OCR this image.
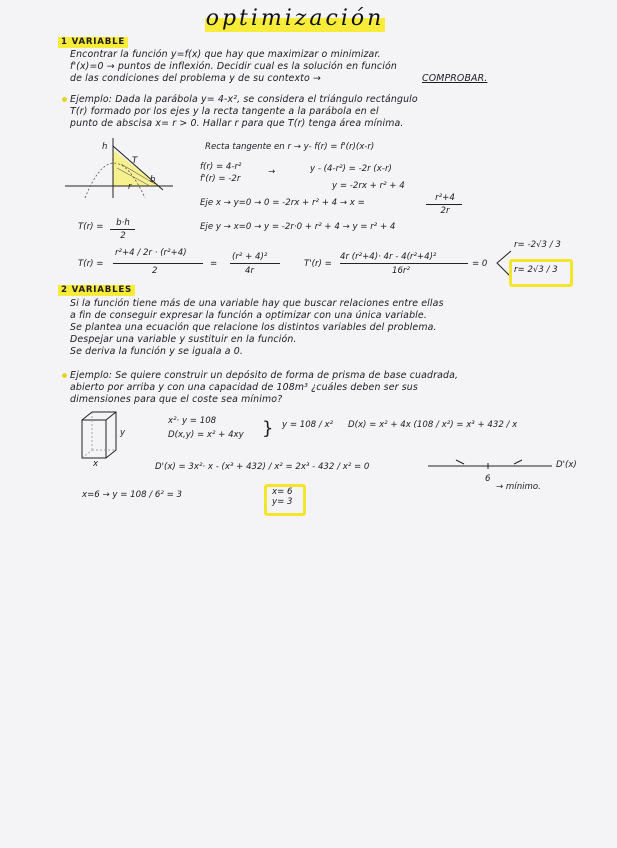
optimización
1 VARIABLE
Encontrar la función y=f(x) que hay que maximizar o minimizar.
f'(x)=0 → puntos de inflexión. Decidir cual es la solución en función
de las condiciones del problema y de su contexto →	COMPROBAR.
Ejemplo: Dada la parábola y= 4-x², se considera el triángulo rectángulo
T(r) formado por los ejes y la recta tangente a la parábola en el
punto de abscisa x= r > 0. Hallar r para que T(r) tenga área mínima.
h
T
b
r
Recta tangente en r → y- f(r) = f'(r)(x-r)
f(r) = 4-r²
f'(r) = -2r
→	y - (4-r²) = -2r (x-r)
y = -2rx + r² + 4
Eje x → y=0 → 0 = -2rx + r² + 4 → x =	r²+4
2r
T(r) =	b·h
2
Eje y → x=0 → y = -2r·0 + r² + 4 → y = r² + 4
T(r) =
r²+4 / 2r · (r²+4)
2
=
(r² + 4)²
4r
T'(r) =
4r (r²+4)· 4r - 4(r²+4)²
16r²
= 0
r= -2√3 / 3
r= 2√3 / 3
2 VARIABLES
Si la función tiene más de una variable hay que buscar relaciones entre ellas
a fin de conseguir expresar la función a optimizar con una única variable.
Se plantea una ecuación que relacione los distintos variables del problema.
Despejar una variable y sustituir en la función.
Se deriva la función y se iguala a 0.
Ejemplo: Se quiere construir un depósito de forma de prisma de base cuadrada,
abierto por arriba y con una capacidad de 108m³ ¿cuáles deben ser sus
dimensiones para que el coste sea mínimo?
y
x
x²· y = 108
D(x,y) = x² + 4xy } y = 108 / x² D(x) = x² + 4x (108 / x²) = x³ + 432 / x
D'(x) = 3x²· x - (x³ + 432) / x² = 2x³ - 432 / x² = 0	D'(x)
6
→ mínimo.
x=6 → y = 108 / 6² = 3	x= 6
y= 3
